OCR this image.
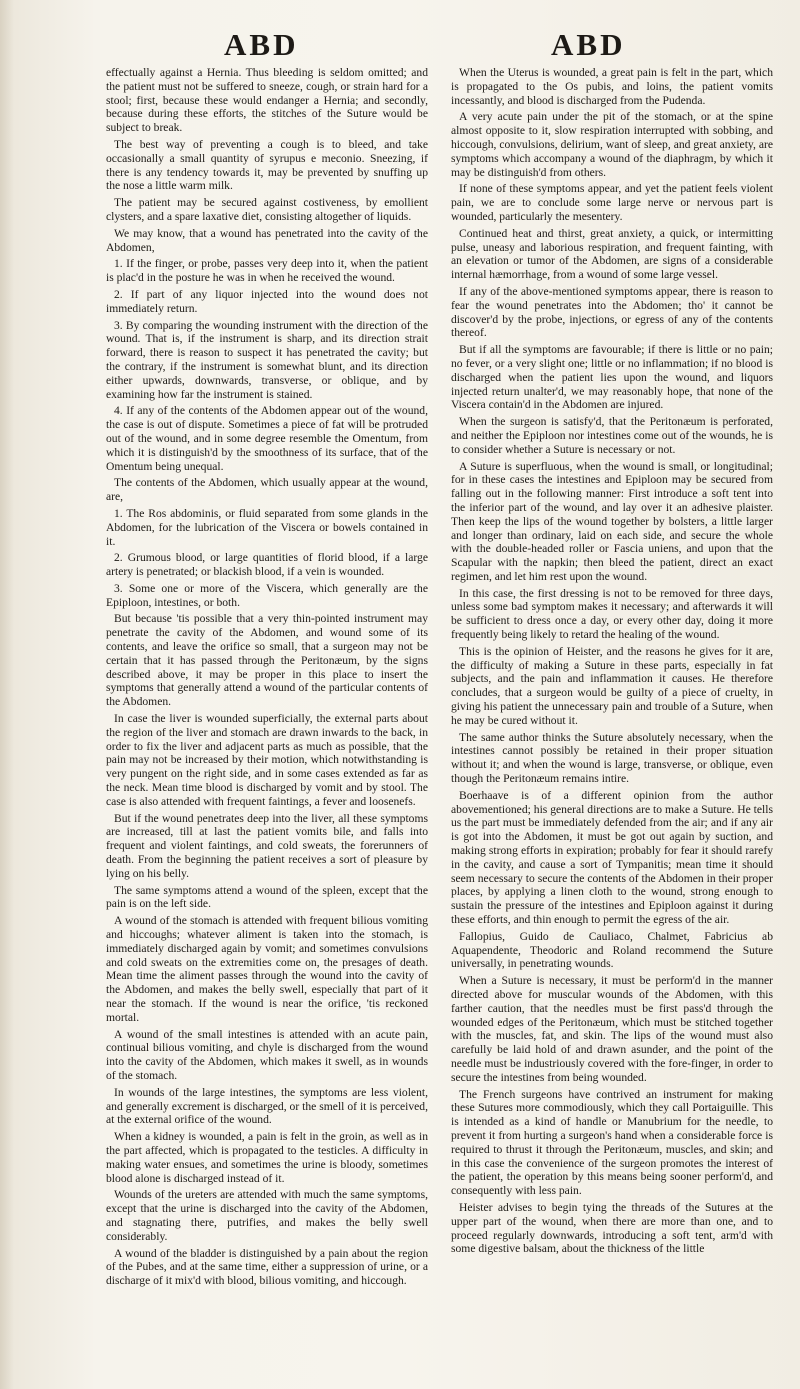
ABD	ABD

effectually against a Hernia. Thus bleeding is seldom omitted; and the patient must not be suffered to sneeze, cough, or strain hard for a stool; first, because these would endanger a Hernia; and secondly, because during these efforts, the stitches of the Suture would be subject to break.

The best way of preventing a cough is to bleed, and take occasionally a small quantity of syrupus e meconio. Sneezing, if there is any tendency towards it, may be prevented by snuffing up the nose a little warm milk.

The patient may be secured against costiveness, by emollient clysters, and a spare laxative diet, consisting altogether of liquids.

We may know, that a wound has penetrated into the cavity of the Abdomen,

1. If the finger, or probe, passes very deep into it, when the patient is plac'd in the posture he was in when he received the wound.

2. If part of any liquor injected into the wound does not immediately return.

3. By comparing the wounding instrument with the direction of the wound. That is, if the instrument is sharp, and its direction strait forward, there is reason to suspect it has penetrated the cavity; but the contrary, if the instrument is somewhat blunt, and its direction either upwards, downwards, transverse, or oblique, and by examining how far the instrument is stained.

4. If any of the contents of the Abdomen appear out of the wound, the case is out of dispute. Sometimes a piece of fat will be protruded out of the wound, and in some degree resemble the Omentum, from which it is distinguish'd by the smoothness of its surface, that of the Omentum being unequal.

The contents of the Abdomen, which usually appear at the wound, are,

1. The Ros abdominis, or fluid separated from some glands in the Abdomen, for the lubrication of the Viscera or bowels contained in it.

2. Grumous blood, or large quantities of florid blood, if a large artery is penetrated; or blackish blood, if a vein is wounded.

3. Some one or more of the Viscera, which generally are the Epiploon, intestines, or both.

But because 'tis possible that a very thin-pointed instrument may penetrate the cavity of the Abdomen, and wound some of its contents, and leave the orifice so small, that a surgeon may not be certain that it has passed through the Peritonæum, by the signs described above, it may be proper in this place to insert the symptoms that generally attend a wound of the particular contents of the Abdomen.

In case the liver is wounded superficially, the external parts about the region of the liver and stomach are drawn inwards to the back, in order to fix the liver and adjacent parts as much as possible, that the pain may not be increased by their motion, which notwithstanding is very pungent on the right side, and in some cases extended as far as the neck. Mean time blood is discharged by vomit and by stool. The case is also attended with frequent faintings, a fever and loosenefs.

But if the wound penetrates deep into the liver, all these symptoms are increased, till at last the patient vomits bile, and falls into frequent and violent faintings, and cold sweats, the forerunners of death. From the beginning the patient receives a sort of pleasure by lying on his belly.

The same symptoms attend a wound of the spleen, except that the pain is on the left side.

A wound of the stomach is attended with frequent bilious vomiting and hiccoughs; whatever aliment is taken into the stomach, is immediately discharged again by vomit; and sometimes convulsions and cold sweats on the extremities come on, the presages of death. Mean time the aliment passes through the wound into the cavity of the Abdomen, and makes the belly swell, especially that part of it near the stomach. If the wound is near the orifice, 'tis reckoned mortal.

A wound of the small intestines is attended with an acute pain, continual bilious vomiting, and chyle is discharged from the wound into the cavity of the Abdomen, which makes it swell, as in wounds of the stomach.

In wounds of the large intestines, the symptoms are less violent, and generally excrement is discharged, or the smell of it is perceived, at the external orifice of the wound.

When a kidney is wounded, a pain is felt in the groin, as well as in the part affected, which is propagated to the testicles. A difficulty in making water ensues, and sometimes the urine is bloody, sometimes blood alone is discharged instead of it.

Wounds of the ureters are attended with much the same symptoms, except that the urine is discharged into the cavity of the Abdomen, and stagnating there, putrifies, and makes the belly swell considerably.

A wound of the bladder is distinguished by a pain about the region of the Pubes, and at the same time, either a suppression of urine, or a discharge of it mix'd with blood, bilious vomiting, and hiccough.

When the Uterus is wounded, a great pain is felt in the part, which is propagated to the Os pubis, and loins, the patient vomits incessantly, and blood is discharged from the Pudenda.

A very acute pain under the pit of the stomach, or at the spine almost opposite to it, slow respiration interrupted with sobbing, and hiccough, convulsions, delirium, want of sleep, and great anxiety, are symptoms which accompany a wound of the diaphragm, by which it may be distinguish'd from others.

If none of these symptoms appear, and yet the patient feels violent pain, we are to conclude some large nerve or nervous part is wounded, particularly the mesentery.

Continued heat and thirst, great anxiety, a quick, or intermitting pulse, uneasy and laborious respiration, and frequent fainting, with an elevation or tumor of the Abdomen, are signs of a considerable internal hæmorrhage, from a wound of some large vessel.

If any of the above-mentioned symptoms appear, there is reason to fear the wound penetrates into the Abdomen; tho' it cannot be discover'd by the probe, injections, or egress of any of the contents thereof.

But if all the symptoms are favourable; if there is little or no pain; no fever, or a very slight one; little or no inflammation; if no blood is discharged when the patient lies upon the wound, and liquors injected return unalter'd, we may reasonably hope, that none of the Viscera contain'd in the Abdomen are injured.

When the surgeon is satisfy'd, that the Peritonæum is perforated, and neither the Epiploon nor intestines come out of the wounds, he is to consider whether a Suture is necessary or not.

A Suture is superfluous, when the wound is small, or longitudinal; for in these cases the intestines and Epiploon may be secured from falling out in the following manner: First introduce a soft tent into the inferior part of the wound, and lay over it an adhesive plaister. Then keep the lips of the wound together by bolsters, a little larger and longer than ordinary, laid on each side, and secure the whole with the double-headed roller or Fascia uniens, and upon that the Scapular with the napkin; then bleed the patient, direct an exact regimen, and let him rest upon the wound.

In this case, the first dressing is not to be removed for three days, unless some bad symptom makes it necessary; and afterwards it will be sufficient to dress once a day, or every other day, doing it more frequently being likely to retard the healing of the wound.

This is the opinion of Heister, and the reasons he gives for it are, the difficulty of making a Suture in these parts, especially in fat subjects, and the pain and inflammation it causes. He therefore concludes, that a surgeon would be guilty of a piece of cruelty, in giving his patient the unnecessary pain and trouble of a Suture, when he may be cured without it.

The same author thinks the Suture absolutely necessary, when the intestines cannot possibly be retained in their proper situation without it; and when the wound is large, transverse, or oblique, even though the Peritonæum remains intire.

Boerhaave is of a different opinion from the author abovementioned; his general directions are to make a Suture. He tells us the part must be immediately defended from the air; and if any air is got into the Abdomen, it must be got out again by suction, and making strong efforts in expiration; probably for fear it should rarefy in the cavity, and cause a sort of Tympanitis; mean time it should seem necessary to secure the contents of the Abdomen in their proper places, by applying a linen cloth to the wound, strong enough to sustain the pressure of the intestines and Epiploon against it during these efforts, and thin enough to permit the egress of the air.

Fallopius, Guido de Cauliaco, Chalmet, Fabricius ab Aquapendente, Theodoric and Roland recommend the Suture universally, in penetrating wounds.

When a Suture is necessary, it must be perform'd in the manner directed above for muscular wounds of the Abdomen, with this farther caution, that the needles must be first pass'd through the wounded edges of the Peritonæum, which must be stitched together with the muscles, fat, and skin. The lips of the wound must also carefully be laid hold of and drawn asunder, and the point of the needle must be industriously covered with the fore-finger, in order to secure the intestines from being wounded.

The French surgeons have contrived an instrument for making these Sutures more commodiously, which they call Portaiguille. This is intended as a kind of handle or Manubrium for the needle, to prevent it from hurting a surgeon's hand when a considerable force is required to thrust it through the Peritonæum, muscles, and skin; and in this case the convenience of the surgeon promotes the interest of the patient, the operation by this means being sooner perform'd, and consequently with less pain.

Heister advises to begin tying the threads of the Sutures at the upper part of the wound, when there are more than one, and to proceed regularly downwards, introducing a soft tent, arm'd with some digestive balsam, about the thickness of the little
